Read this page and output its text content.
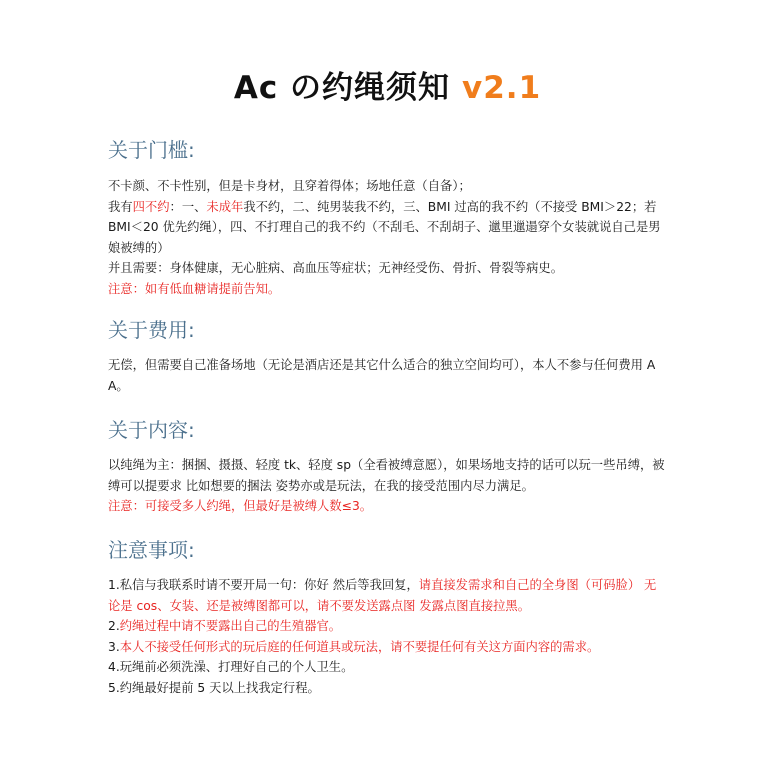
Ac の约绳须知 v2.1
关于门槛:

不卡颜、不卡性别，但是卡身材，且穿着得体；场地任意（自备）；

我有四不约：一、未成年我不约，二、纯男装我不约，三、BMI 过高的我不约（不接受 BMI＞22；若 BMI＜20 优先约绳），四、不打理自己的我不约（不刮毛、不刮胡子、邋里邋遢穿个女装就说自己是男娘被缚的）

并且需要：身体健康，无心脏病、高血压等症状；无神经受伤、骨折、骨裂等病史。

注意：如有低血糖请提前告知。

关于费用:

无偿，但需要自己准备场地（无论是酒店还是其它什么适合的独立空间均可），本人不参与任何费用 AA。

关于内容:

以纯绳为主：捆捆、摄摄、轻度 tk、轻度 sp（全看被缚意愿），如果场地支持的话可以玩一些吊缚，被缚可以提要求 比如想要的捆法 姿势亦或是玩法，在我的接受范围内尽力满足。

注意：可接受多人约绳，但最好是被缚人数≤3。

注意事项:

1.私信与我联系时请不要开局一句：你好 然后等我回复，请直接发需求和自己的全身图（可码脸） 无论是 cos、女装、还是被缚图都可以，请不要发送露点图 发露点图直接拉黑。

2.约绳过程中请不要露出自己的生殖器官。

3.本人不接受任何形式的玩后庭的任何道具或玩法，请不要提任何有关这方面内容的需求。

4.玩绳前必须洗澡、打理好自己的个人卫生。

5.约绳最好提前 5 天以上找我定行程。
